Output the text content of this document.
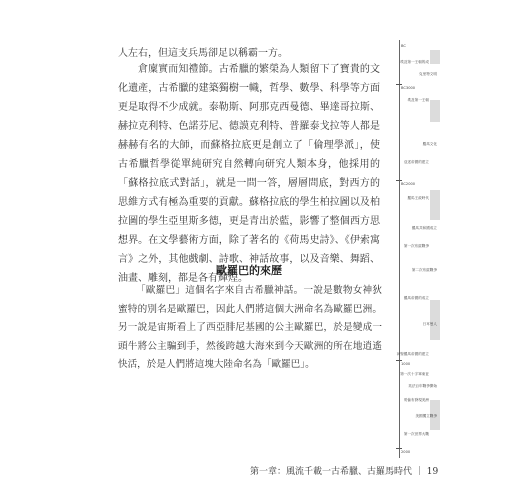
人左右，但這支兵馬卻足以稱霸一方。
倉廩實而知禮節。古希臘的繁榮為人類留下了寶貴的文化遺產，古希臘的建築獨樹一幟，哲學、數學、科學等方面更是取得不少成就。泰勒斯、阿那克西曼德、畢達哥拉斯、赫拉克利特、色諾芬尼、德謨克利特、普羅泰戈拉等人都是赫赫有名的大師，而蘇格拉底更是創立了「倫理學派」，使古希臘哲學從單純研究自然轉向研究人類本身，他採用的「蘇格拉底式對話」，就是一問一答，層層問底，對西方的思維方式有極為重要的貢獻。蘇格拉底的學生柏拉圖以及柏拉圖的學生亞里斯多德，更是青出於藍，影響了整個西方思想界。在文學藝術方面，除了著名的《荷馬史詩》、《伊索寓言》之外，其他戲劇、詩歌、神話故事，以及音樂、舞蹈、油畫、雕刻，都是各有輝煌。
歐羅巴的來歷
「歐羅巴」這個名字來自古希臘神話。一說是數物女神狄蜜特的別名是歐羅巴，因此人們將這個大洲命名為歐羅巴洲。另一說是宙斯看上了西亞腓尼基國的公主歐羅巴，於是變成一頭牛將公主騙到手，然後跨越大海來到今天歐洲的所在地逍遙快活，於是人們將這塊大陸命名為「歐羅巴」。
第一章：風流千載一古希臘、古羅馬時代 ｜ 19
BC
埃及第一王朝的成
克里特文明
BC3000
埃及第一王朝
羅馬文化
亞述帝國的建立
BC2000
羅馬王政時代
羅馬共和國成立
第一次布匿戰爭
第二次布匿戰爭
羅馬帝國的成立
日耳曼人
神聖羅馬帝國的建立
1000
第一次十字軍東征
英法百年戰爭開始
哥倫布發現美洲
美國獨立戰爭
第一次世界大戰
2000
